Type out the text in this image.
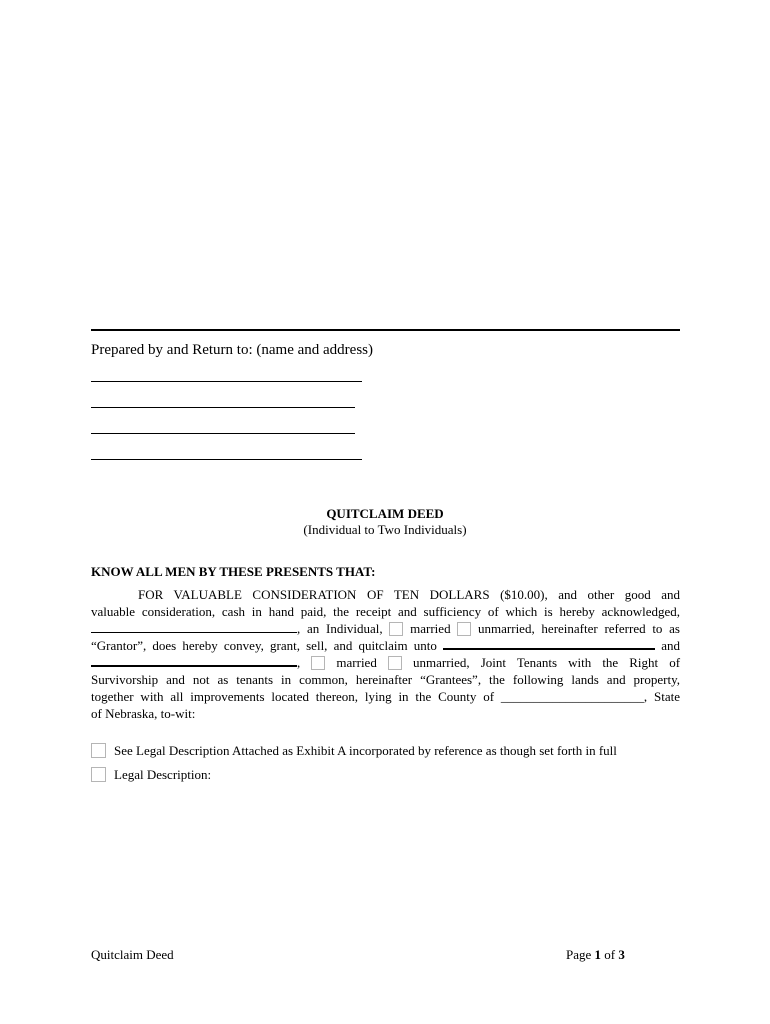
Prepared by and Return to: (name and address)
QUITCLAIM DEED
(Individual to Two Individuals)
KNOW ALL MEN BY THESE PRESENTS THAT:
FOR VALUABLE CONSIDERATION OF TEN DOLLARS ($10.00), and other good and
valuable consideration, cash in hand paid, the receipt and sufficiency of which is hereby acknowledged,
, an Individual, married unmarried, hereinafter referred to as
“Grantor”, does hereby convey, grant, sell, and quitclaim unto	and
,	married	unmarried, Joint Tenants with the Right of
Survivorship and not as tenants in common, hereinafter “Grantees”, the following lands and property,
together with all improvements located thereon, lying in the County of ______________________, State
of Nebraska, to-wit:
See Legal Description Attached as Exhibit A incorporated by reference as though set forth in full
Legal Description:
Quitclaim Deed	Page 1 of 3
